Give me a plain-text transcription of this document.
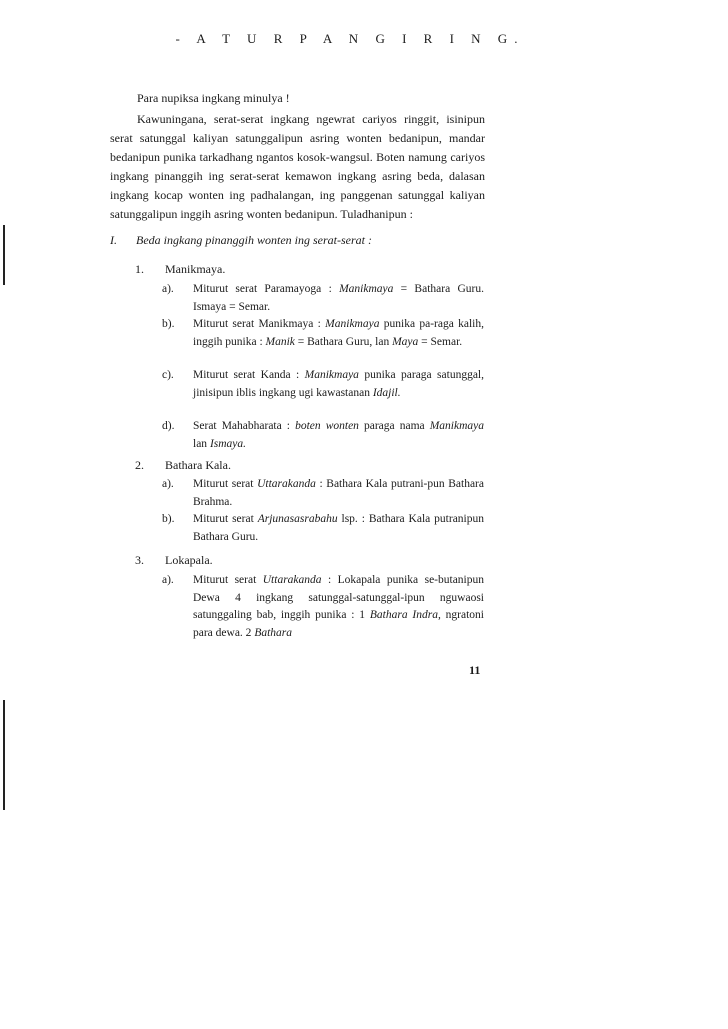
- A T U R P A N G I R I N G.
Para nupiksa ingkang minulya !
Kawuningana, serat-serat ingkang ngewrat cariyos ringgit, isinipun serat satunggal kaliyan satunggalipun asring wonten bedanipun, mandar bedanipun punika tarkadhang ngantos kosok-wangsul. Boten namung cariyos ingkang pinanggih ing serat-serat kemawon ingkang asring beda, dalasan ingkang kocap wonten ing padhalangan, ing panggenan satunggal kaliyan satunggalipun inggih asring wonten bedanipun. Tuladhanipun :
I. Beda ingkang pinanggih wonten ing serat-serat :
1. Manikmaya.
a).	Miturut serat Paramayoga : Manikmaya = Bathara Guru. Ismaya = Semar.
b).	Miturut serat Manikmaya : Manikmaya punika pa-raga kalih, inggih punika : Manik = Bathara Guru, lan Maya = Semar.
c).	Miturut serat Kanda : Manikmaya punika paraga satunggal, jinisipun iblis ingkang ugi kawastanan Idajil.
d).	Serat Mahabharata : boten wonten paraga nama Manikmaya lan Ismaya.
2. Bathara Kala.
a).	Miturut serat Uttarakanda : Bathara Kala putrani-pun Bathara Brahma.
b).	Miturut serat Arjunasasrabahu lsp. : Bathara Kala putranipun Bathara Guru.
3. Lokapala.
a).	Miturut serat Uttarakanda : Lokapala punika se-butanipun Dewa 4 ingkang satunggal-satunggal-ipun nguwaosi satunggaling bab, inggih punika : 1 Bathara Indra, ngratoni para dewa. 2 Bathara
11
